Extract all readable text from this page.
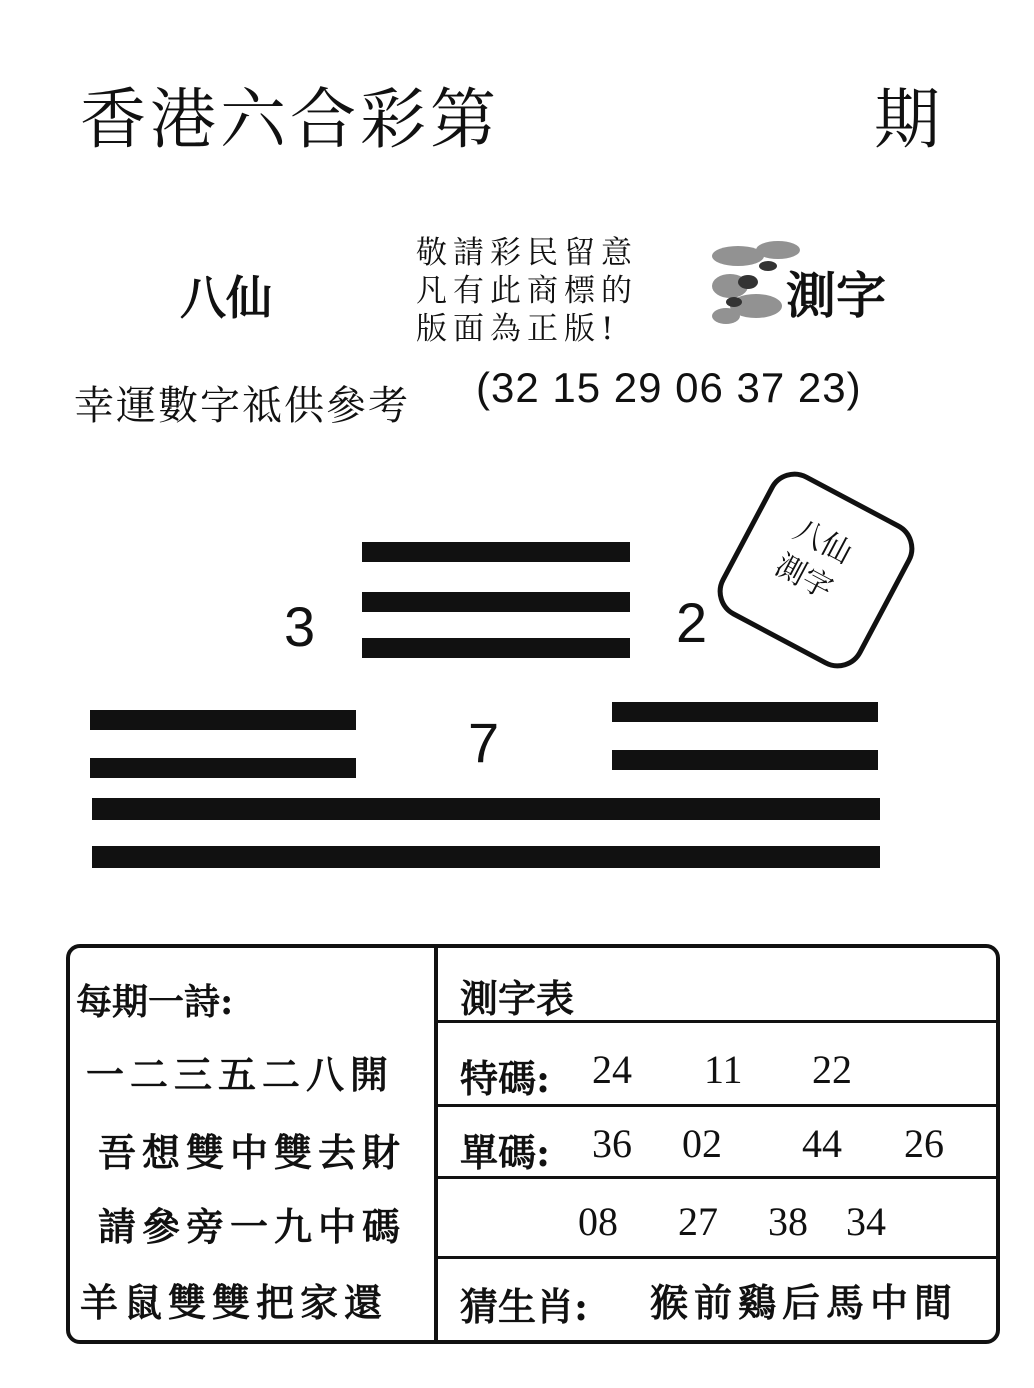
香港六合彩第	期
八仙
敬請彩民留意
凡有此商標的
版面為正版!
測字
幸運數字祗供參考 (32 15 29 06 37 23)
3	2
7
八仙
測字
每期一詩:
一二三五二八開
吾想雙中雙去財
請參旁一九中碼
羊鼠雙雙把家還
測字表
特碼: 24 11 22
單碼: 36 02 44 26
08 27 38 34
猜生肖: 猴前鷄后馬中間
